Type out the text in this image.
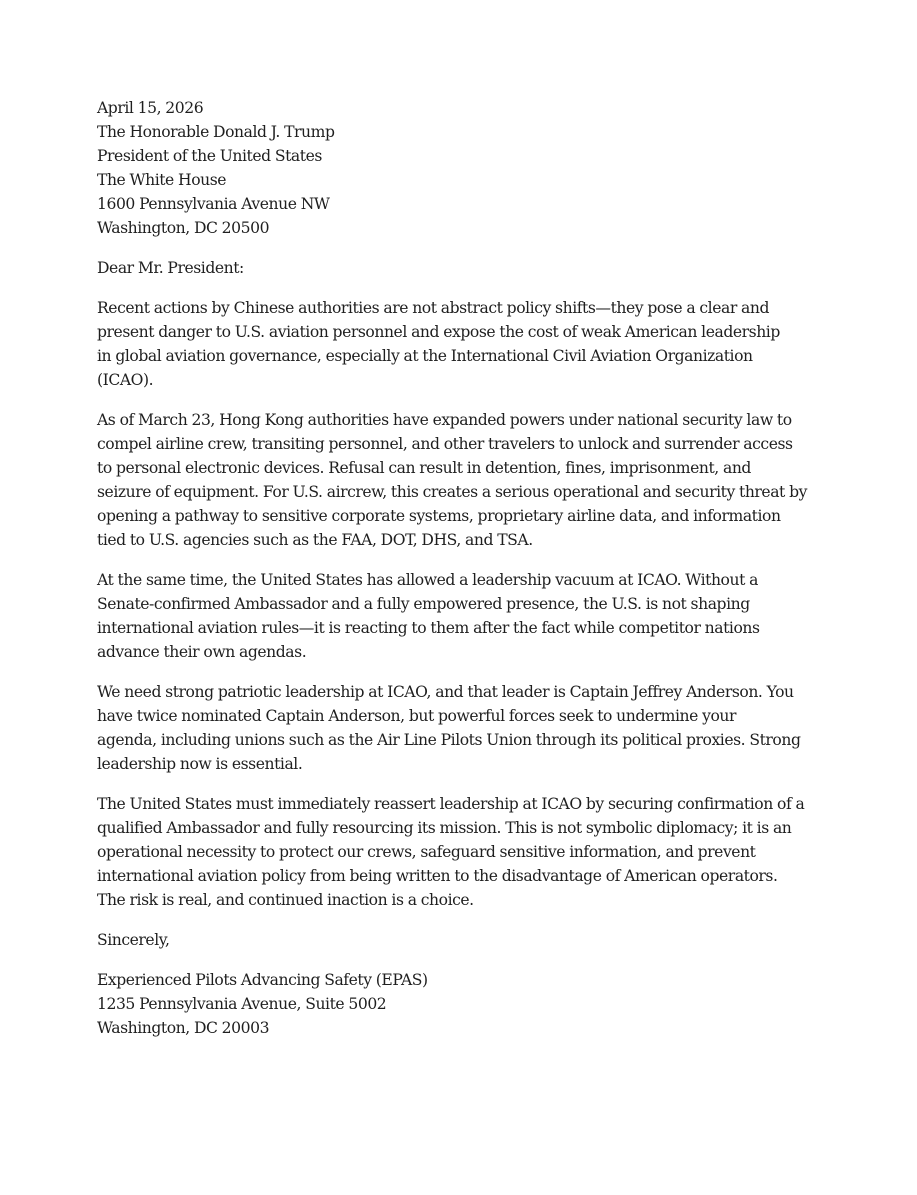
April 15, 2026
The Honorable Donald J. Trump
President of the United States
The White House
1600 Pennsylvania Avenue NW
Washington, DC 20500

Dear Mr. President:

Recent actions by Chinese authorities are not abstract policy shifts—they pose a clear and
present danger to U.S. aviation personnel and expose the cost of weak American leadership
in global aviation governance, especially at the International Civil Aviation Organization
(ICAO).

As of March 23, Hong Kong authorities have expanded powers under national security law to
compel airline crew, transiting personnel, and other travelers to unlock and surrender access
to personal electronic devices. Refusal can result in detention, fines, imprisonment, and
seizure of equipment. For U.S. aircrew, this creates a serious operational and security threat by
opening a pathway to sensitive corporate systems, proprietary airline data, and information
tied to U.S. agencies such as the FAA, DOT, DHS, and TSA.

At the same time, the United States has allowed a leadership vacuum at ICAO. Without a
Senate-confirmed Ambassador and a fully empowered presence, the U.S. is not shaping
international aviation rules—it is reacting to them after the fact while competitor nations
advance their own agendas.

We need strong patriotic leadership at ICAO, and that leader is Captain Jeffrey Anderson. You
have twice nominated Captain Anderson, but powerful forces seek to undermine your
agenda, including unions such as the Air Line Pilots Union through its political proxies. Strong
leadership now is essential.

The United States must immediately reassert leadership at ICAO by securing confirmation of a
qualified Ambassador and fully resourcing its mission. This is not symbolic diplomacy; it is an
operational necessity to protect our crews, safeguard sensitive information, and prevent
international aviation policy from being written to the disadvantage of American operators.
The risk is real, and continued inaction is a choice.

Sincerely,

Experienced Pilots Advancing Safety (EPAS)
1235 Pennsylvania Avenue, Suite 5002
Washington, DC 20003
